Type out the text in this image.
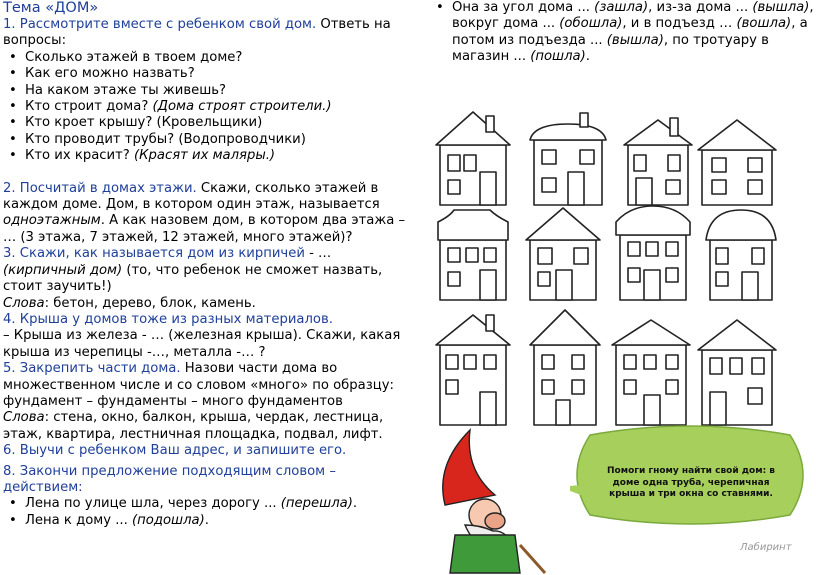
Тема «ДОМ»

1. Рассмотрите вместе с ребенком свой дом. Ответь на вопросы:

• Сколько этажей в твоем доме?
• Как его можно назвать?
• На каком этаже ты живешь?
• Кто строит дома? (Дома строят строители.)
• Кто кроет крышу? (Кровельщики)
• Кто проводит трубы? (Водопроводчики)
• Кто их красит? (Красят их маляры.)

2. Посчитай в домах этажи. Скажи, сколько этажей в каждом доме. Дом, в котором один этаж, называется одноэтажным. А как назовем дом, в котором два этажа – … (3 этажа, 7 этажей, 12 этажей, много этажей)?

3. Скажи, как называется дом из кирпичей - … (кирпичный дом) (то, что ребенок не сможет назвать, стоит заучить!)

Слова: бетон, дерево, блок, камень.

4. Крыша у домов тоже из разных материалов.

– Крыша из железа - … (железная крыша). Скажи, какая крыша из черепицы -…, металла -… ?

5. Закрепить части дома. Назови части дома во множественном числе и со словом «много» по образцу: фундамент – фундаменты – много фундаментов

Слова: стена, окно, балкон, крыша, чердак, лестница, этаж, квартира, лестничная площадка, подвал, лифт.

6. Выучи с ребенком Ваш адрес, и запишите его.

8. Закончи предложение подходящим словом – действием:

• Лена по улице шла, через дорогу ... (перешла).
• Лена к дому ... (подошла).
• Она за угол дома ... (зашла), из-за дома ... (вышла), вокруг дома ... (обошла), и в подъезд … (вошла), а потом из подъезда ... (вышла), по тротуару в магазин ... (пошла).
Помоги гному найти свой дом: в доме одна труба, черепичная крыша и три окна со ставнями.
Лабиринт
